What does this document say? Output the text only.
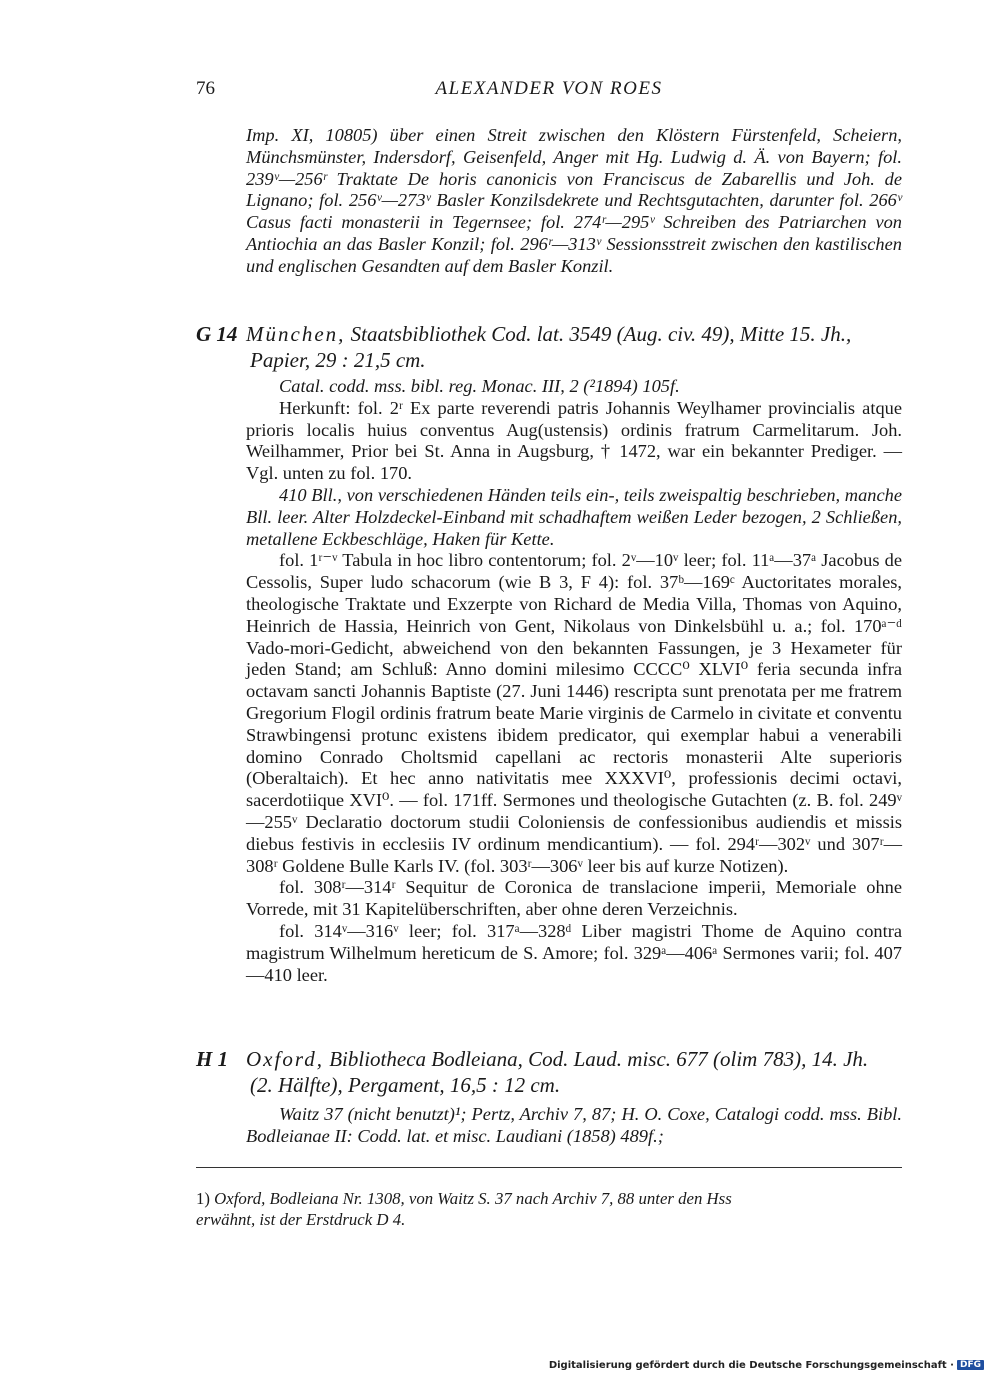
76	ALEXANDER VON ROES

Imp. XI, 10805) über einen Streit zwischen den Klöstern Fürstenfeld, Scheiern, Münchsmünster, Indersdorf, Geisenfeld, Anger mit Hg. Ludwig d. Ä. von Bayern; fol. 239ᵛ—256ʳ Traktate De horis canonicis von Franciscus de Zabarellis und Joh. de Lignano; fol. 256ᵛ—273ᵛ Basler Konzilsdekrete und Rechtsgutachten, darunter fol. 266ᵛ Casus facti monasterii in Tegernsee; fol. 274ʳ—295ᵛ Schreiben des Patriarchen von Antiochia an das Basler Konzil; fol. 296ʳ—313ᵛ Sessionsstreit zwischen den kastilischen und englischen Gesandten auf dem Basler Konzil.

G 14 München, Staatsbibliothek Cod. lat. 3549 (Aug. civ. 49), Mitte 15. Jh.,
Papier, 29 : 21,5 cm.

Catal. codd. mss. bibl. reg. Monac. III, 2 (²1894) 105f.

Herkunft: fol. 2ʳ Ex parte reverendi patris Johannis Weylhamer provincialis atque prioris localis huius conventus Aug(ustensis) ordinis fratrum Carmelitarum. Joh. Weilhammer, Prior bei St. Anna in Augsburg, † 1472, war ein bekannter Prediger. — Vgl. unten zu fol. 170.

410 Bll., von verschiedenen Händen teils ein-, teils zweispaltig beschrieben, manche Bll. leer. Alter Holzdeckel-Einband mit schadhaftem weißen Leder bezogen, 2 Schließen, metallene Eckbeschläge, Haken für Kette.

fol. 1ʳ⁻ᵛ Tabula in hoc libro contentorum; fol. 2ᵛ—10ᵛ leer; fol. 11ᵃ—37ᵃ Jacobus de Cessolis, Super ludo schacorum (wie B 3, F 4): fol. 37ᵇ—169ᶜ Auctoritates morales, theologische Traktate und Exzerpte von Richard de Media Villa, Thomas von Aquino, Heinrich de Hassia, Heinrich von Gent, Nikolaus von Dinkelsbühl u. a.; fol. 170ᵃ⁻ᵈ Vado-mori-Gedicht, abweichend von den bekannten Fassungen, je 3 Hexameter für jeden Stand; am Schluß: Anno domini milesimo CCCC⁰ XLVI⁰ feria secunda infra octavam sancti Johannis Baptiste (27. Juni 1446) rescripta sunt prenotata per me fratrem Gregorium Flogil ordinis fratrum beate Marie virginis de Carmelo in civitate et conventu Strawbingensi protunc existens ibidem predicator, qui exemplar habui a venerabili domino Conrado Choltsmid capellani ac rectoris monasterii Alte superioris (Oberaltaich). Et hec anno nativitatis mee XXXVI⁰, professionis decimi octavi, sacerdotiique XVI⁰. — fol. 171ff. Sermones und theologische Gutachten (z. B. fol. 249ᵛ—255ᵛ Declaratio doctorum studii Coloniensis de confessionibus audiendis et missis diebus festivis in ecclesiis IV ordinum mendicantium). — fol. 294ʳ—302ᵛ und 307ʳ—308ʳ Goldene Bulle Karls IV. (fol. 303ʳ—306ᵛ leer bis auf kurze Notizen).

fol. 308ʳ—314ʳ Sequitur de Coronica de translacione imperii, Memoriale ohne Vorrede, mit 31 Kapitelüberschriften, aber ohne deren Verzeichnis.

fol. 314ᵛ—316ᵛ leer; fol. 317ᵃ—328ᵈ Liber magistri Thome de Aquino contra magistrum Wilhelmum hereticum de S. Amore; fol. 329ᵃ—406ᵃ Sermones varii; fol. 407—410 leer.

H 1 Oxford, Bibliotheca Bodleiana, Cod. Laud. misc. 677 (olim 783), 14. Jh.
(2. Hälfte), Pergament, 16,5 : 12 cm.

Waitz 37 (nicht benutzt)¹; Pertz, Archiv 7, 87; H. O. Coxe, Catalogi codd. mss. Bibl. Bodleianae II: Codd. lat. et misc. Laudiani (1858) 489f.;

1) Oxford, Bodleiana Nr. 1308, von Waitz S. 37 nach Archiv 7, 88 unter den Hss
erwähnt, ist der Erstdruck D 4.
Digitalisierung gefördert durch die Deutsche Forschungsgemeinschaft · DFG
